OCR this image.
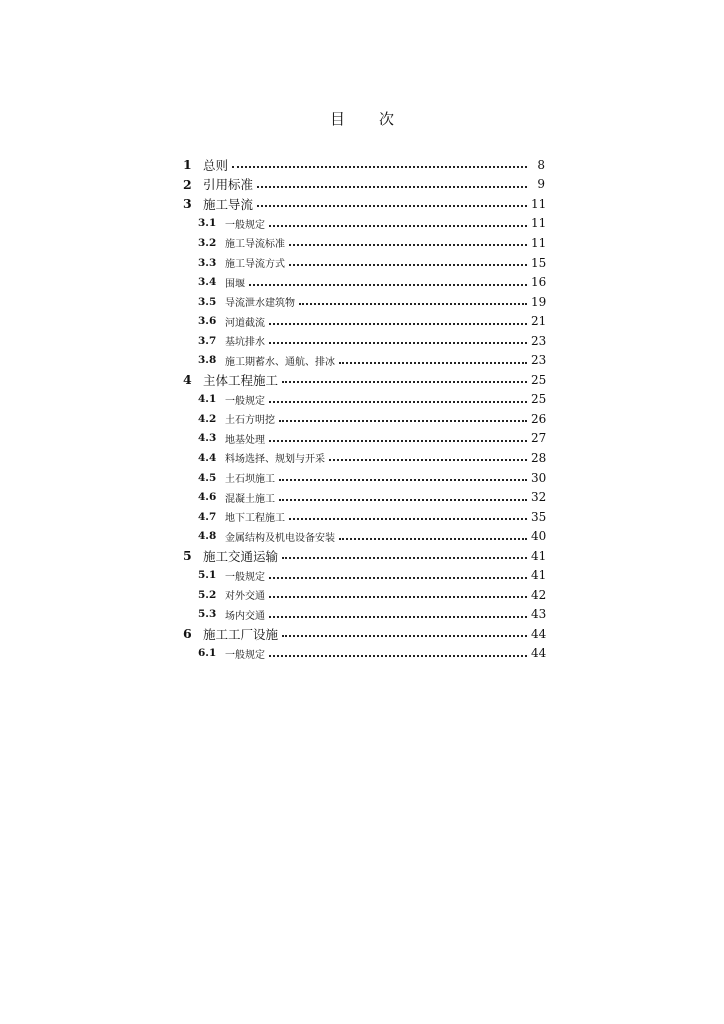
目 次
1 总则	8
2 引用标准	9
3 施工导流	11
3.1 一般规定	11
3.2 施工导流标准	11
3.3 施工导流方式	15
3.4 围堰	16
3.5 导流泄水建筑物	19
3.6 河道截流	21
3.7 基坑排水	23
3.8 施工期蓄水、通航、排冰	23
4 主体工程施工	25
4.1 一般规定	25
4.2 土石方明挖	26
4.3 地基处理	27
4.4 料场选择、规划与开采	28
4.5 土石坝施工	30
4.6 混凝土施工	32
4.7 地下工程施工	35
4.8 金属结构及机电设备安装	40
5 施工交通运输	41
5.1 一般规定	41
5.2 对外交通	42
5.3 场内交通	43
6 施工工厂设施	44
6.1 一般规定	44
